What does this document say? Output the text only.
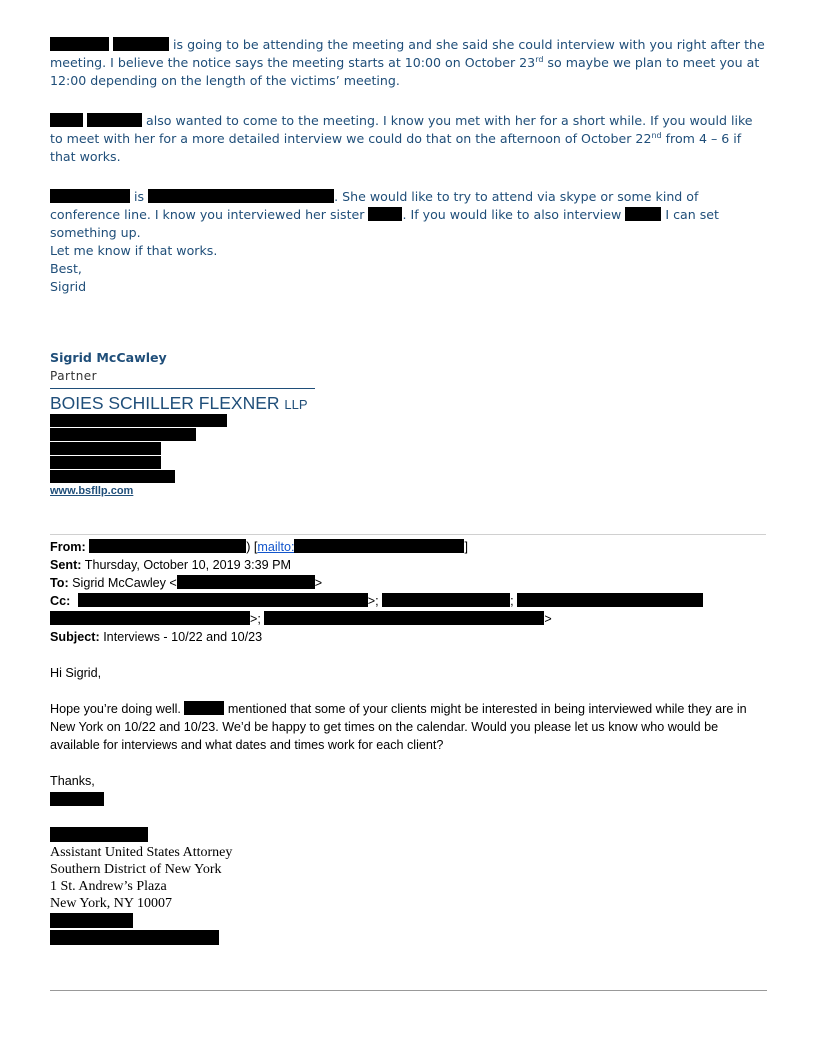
is going to be attending the meeting and she said she could interview with you right after the meeting. I believe the notice says the meeting starts at 10:00 on October 23rd so maybe we plan to meet you at 12:00 depending on the length of the victims’ meeting.

also wanted to come to the meeting. I know you met with her for a short while. If you would like to meet with her for a more detailed interview we could do that on the afternoon of October 22nd from 4 – 6 if that works.

is	. She would like to try to attend via skype or some kind of conference line. I know you interviewed her sister	. If you would like to also interview	I can set something up.

Let me know if that works.
Best,
Sigrid

Sigrid McCawley
Partner
BOIES SCHILLER FLEXNER LLP
www.bsfllp.com
From:	) [mailto:	]
Sent: Thursday, October 10, 2019 3:39 PM
To: Sigrid McCawley <	>
Cc:	>;	;
>;	>
Subject: Interviews - 10/22 and 10/23

Hi Sigrid,

Hope you’re doing well.	mentioned that some of your clients might be interested in being interviewed while they are in New York on 10/22 and 10/23. We’d be happy to get times on the calendar. Would you please let us know who would be available for interviews and what dates and times work for each client?

Thanks,

Assistant United States Attorney
Southern District of New York
1 St. Andrew’s Plaza
New York, NY 10007
